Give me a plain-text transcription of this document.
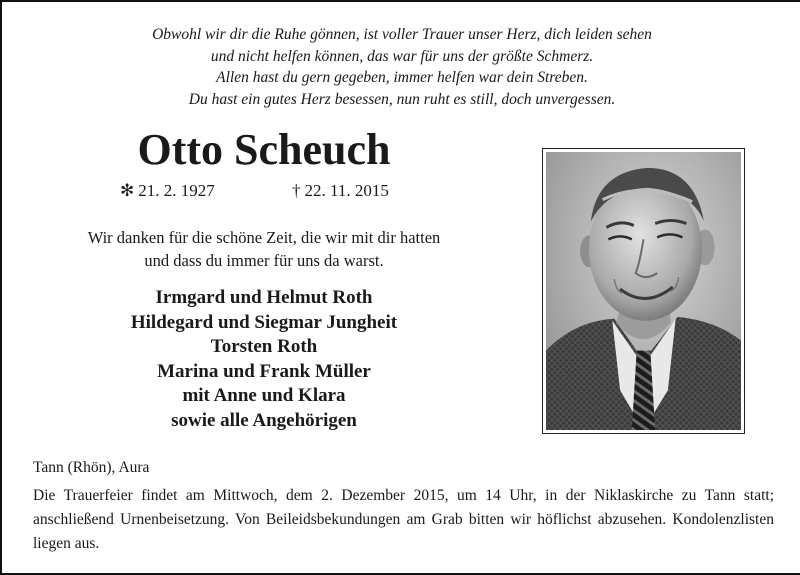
Obwohl wir dir die Ruhe gönnen, ist voller Trauer unser Herz, dich leiden sehen
und nicht helfen können, das war für uns der größte Schmerz.
Allen hast du gern gegeben, immer helfen war dein Streben.
Du hast ein gutes Herz besessen, nun ruht es still, doch unvergessen.
Otto Scheuch
✻ 21. 2. 1927	† 22. 11. 2015
Wir danken für die schöne Zeit, die wir mit dir hatten
und dass du immer für uns da warst.
Irmgard und Helmut Roth
Hildegard und Siegmar Jungheit
Torsten Roth
Marina und Frank Müller
mit Anne und Klara
sowie alle Angehörigen
Tann (Rhön), Aura
Die Trauerfeier findet am Mittwoch, dem 2. Dezember 2015, um 14 Uhr, in der Niklaskirche zu Tann statt; anschließend Urnenbeisetzung. Von Beileidsbekundungen am Grab bitten wir höflichst abzusehen. Kondolenzlisten liegen aus.
